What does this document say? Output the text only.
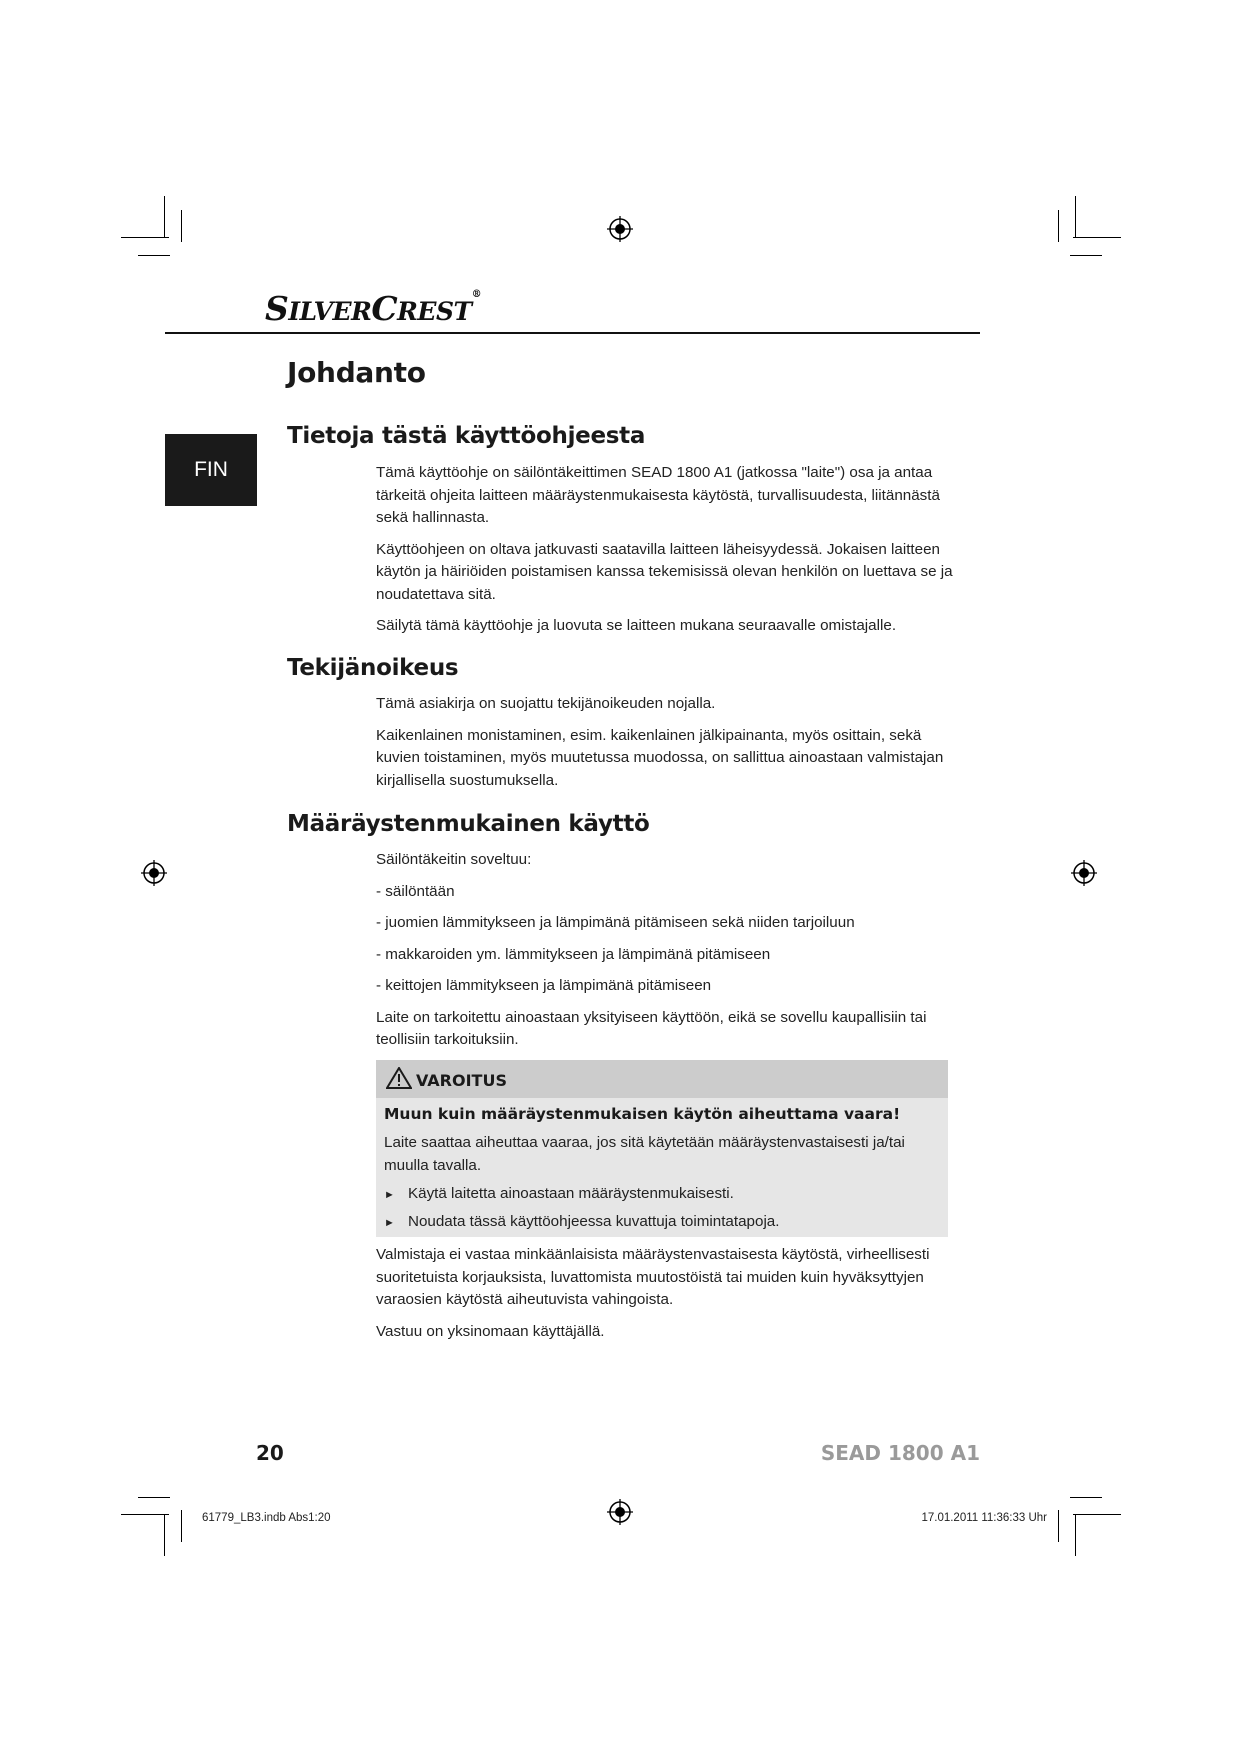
SILVERCREST®
FIN
Johdanto
Tietoja tästä käyttöohjeesta

Tämä käyttöohje on säilöntäkeittimen SEAD 1800 A1 (jatkossa "laite") osa ja antaa tärkeitä ohjeita laitteen määräystenmukaisesta käytöstä, turvallisuudesta, liitännästä sekä hallinnasta.

Käyttöohjeen on oltava jatkuvasti saatavilla laitteen läheisyydessä. Jokaisen laitteen käytön ja häiriöiden poistamisen kanssa tekemisissä olevan henkilön on luettava se ja noudatettava sitä.

Säilytä tämä käyttöohje ja luovuta se laitteen mukana seuraavalle omistajalle.

Tekijänoikeus

Tämä asiakirja on suojattu tekijänoikeuden nojalla.

Kaikenlainen monistaminen, esim. kaikenlainen jälkipainanta, myös osittain, sekä kuvien toistaminen, myös muutetussa muodossa, on sallittua ainoastaan valmistajan kirjallisella suostumuksella.

Määräystenmukainen käyttö

Säilöntäkeitin soveltuu:

- säilöntään

- juomien lämmitykseen ja lämpimänä pitämiseen sekä niiden tarjoiluun

- makkaroiden ym. lämmitykseen ja lämpimänä pitämiseen

- keittojen lämmitykseen ja lämpimänä pitämiseen

Laite on tarkoitettu ainoastaan yksityiseen käyttöön, eikä se sovellu kaupallisiin tai teollisiin tarkoituksiin.

VAROITUS
Muun kuin määräystenmukaisen käytön aiheuttama vaara!
Laite saattaa aiheuttaa vaaraa, jos sitä käytetään määräystenvastaisesti ja/tai muulla tavalla.
► Käytä laitetta ainoastaan määräystenmukaisesti.
► Noudata tässä käyttöohjeessa kuvattuja toimintatapoja.

Valmistaja ei vastaa minkäänlaisista määräystenvastaisesta käytöstä, virheellisesti suoritetuista korjauksista, luvattomista muutostöistä tai muiden kuin hyväksyttyjen varaosien käytöstä aiheutuvista vahingoista.

Vastuu on yksinomaan käyttäjällä.

20	SEAD 1800 A1
61779_LB3.indb Abs1:20	17.01.2011 11:36:33 Uhr
